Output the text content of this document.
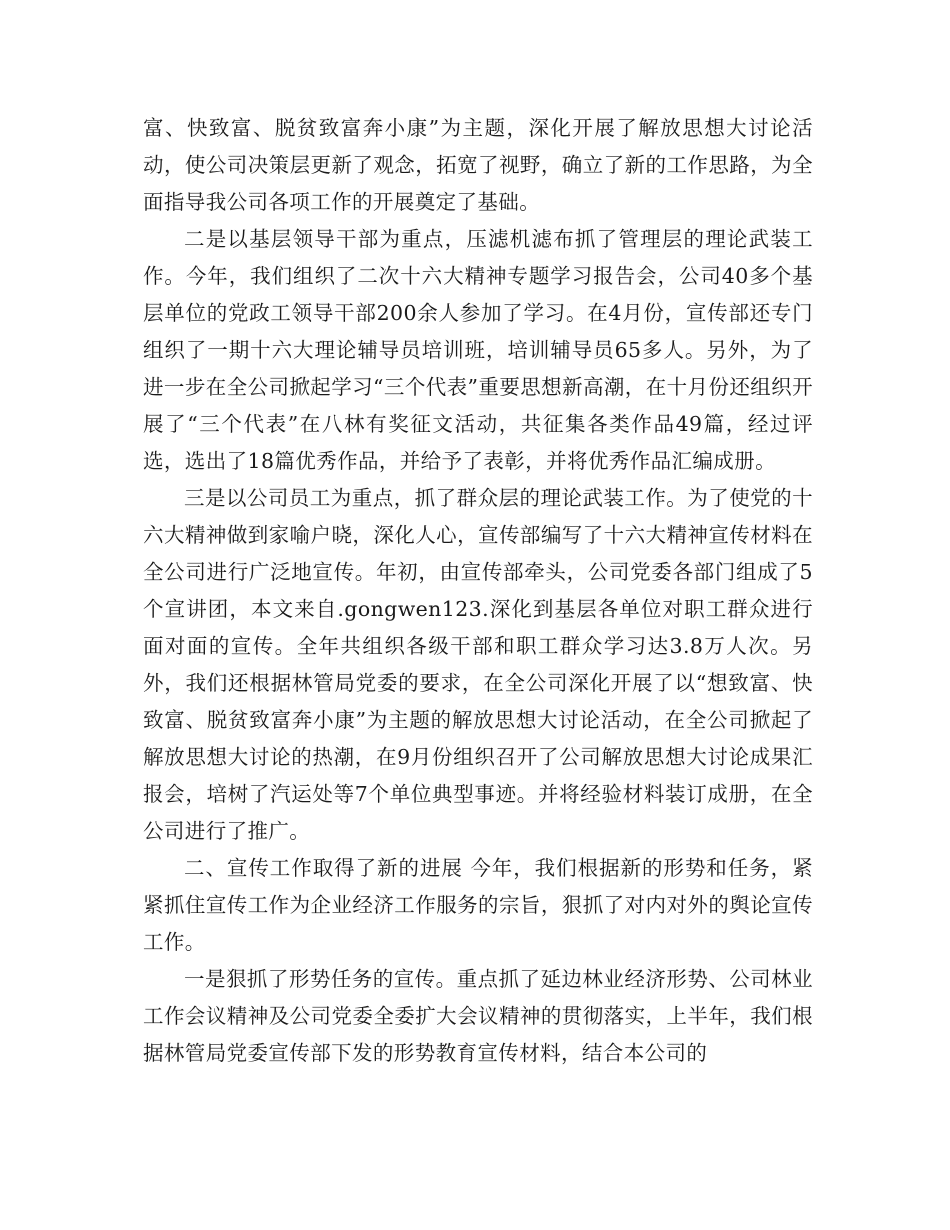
富、快致富、脱贫致富奔小康”为主题，深化开展了解放思想大讨论活动，使公司决策层更新了观念，拓宽了视野，确立了新的工作思路，为全面指导我公司各项工作的开展奠定了基础。

二是以基层领导干部为重点，压滤机滤布抓了管理层的理论武装工作。今年，我们组织了二次十六大精神专题学习报告会，公司40多个基层单位的党政工领导干部200余人参加了学习。在4月份，宣传部还专门组织了一期十六大理论辅导员培训班，培训辅导员65多人。另外，为了进一步在全公司掀起学习“三个代表”重要思想新高潮，在十月份还组织开展了“三个代表”在八林有奖征文活动，共征集各类作品49篇，经过评选，选出了18篇优秀作品，并给予了表彰，并将优秀作品汇编成册。

三是以公司员工为重点，抓了群众层的理论武装工作。为了使党的十六大精神做到家喻户晓，深化人心，宣传部编写了十六大精神宣传材料在全公司进行广泛地宣传。年初，由宣传部牵头，公司党委各部门组成了5个宣讲团，本文来自.gongwen123.深化到基层各单位对职工群众进行面对面的宣传。全年共组织各级干部和职工群众学习达3.8万人次。另外，我们还根据林管局党委的要求，在全公司深化开展了以“想致富、快致富、脱贫致富奔小康”为主题的解放思想大讨论活动，在全公司掀起了解放思想大讨论的热潮，在9月份组织召开了公司解放思想大讨论成果汇报会，培树了汽运处等7个单位典型事迹。并将经验材料装订成册，在全公司进行了推广。

二、宣传工作取得了新的进展 今年，我们根据新的形势和任务，紧紧抓住宣传工作为企业经济工作服务的宗旨，狠抓了对内对外的舆论宣传工作。

一是狠抓了形势任务的宣传。重点抓了延边林业经济形势、公司林业工作会议精神及公司党委全委扩大会议精神的贯彻落实，上半年，我们根据林管局党委宣传部下发的形势教育宣传材料，结合本公司的
